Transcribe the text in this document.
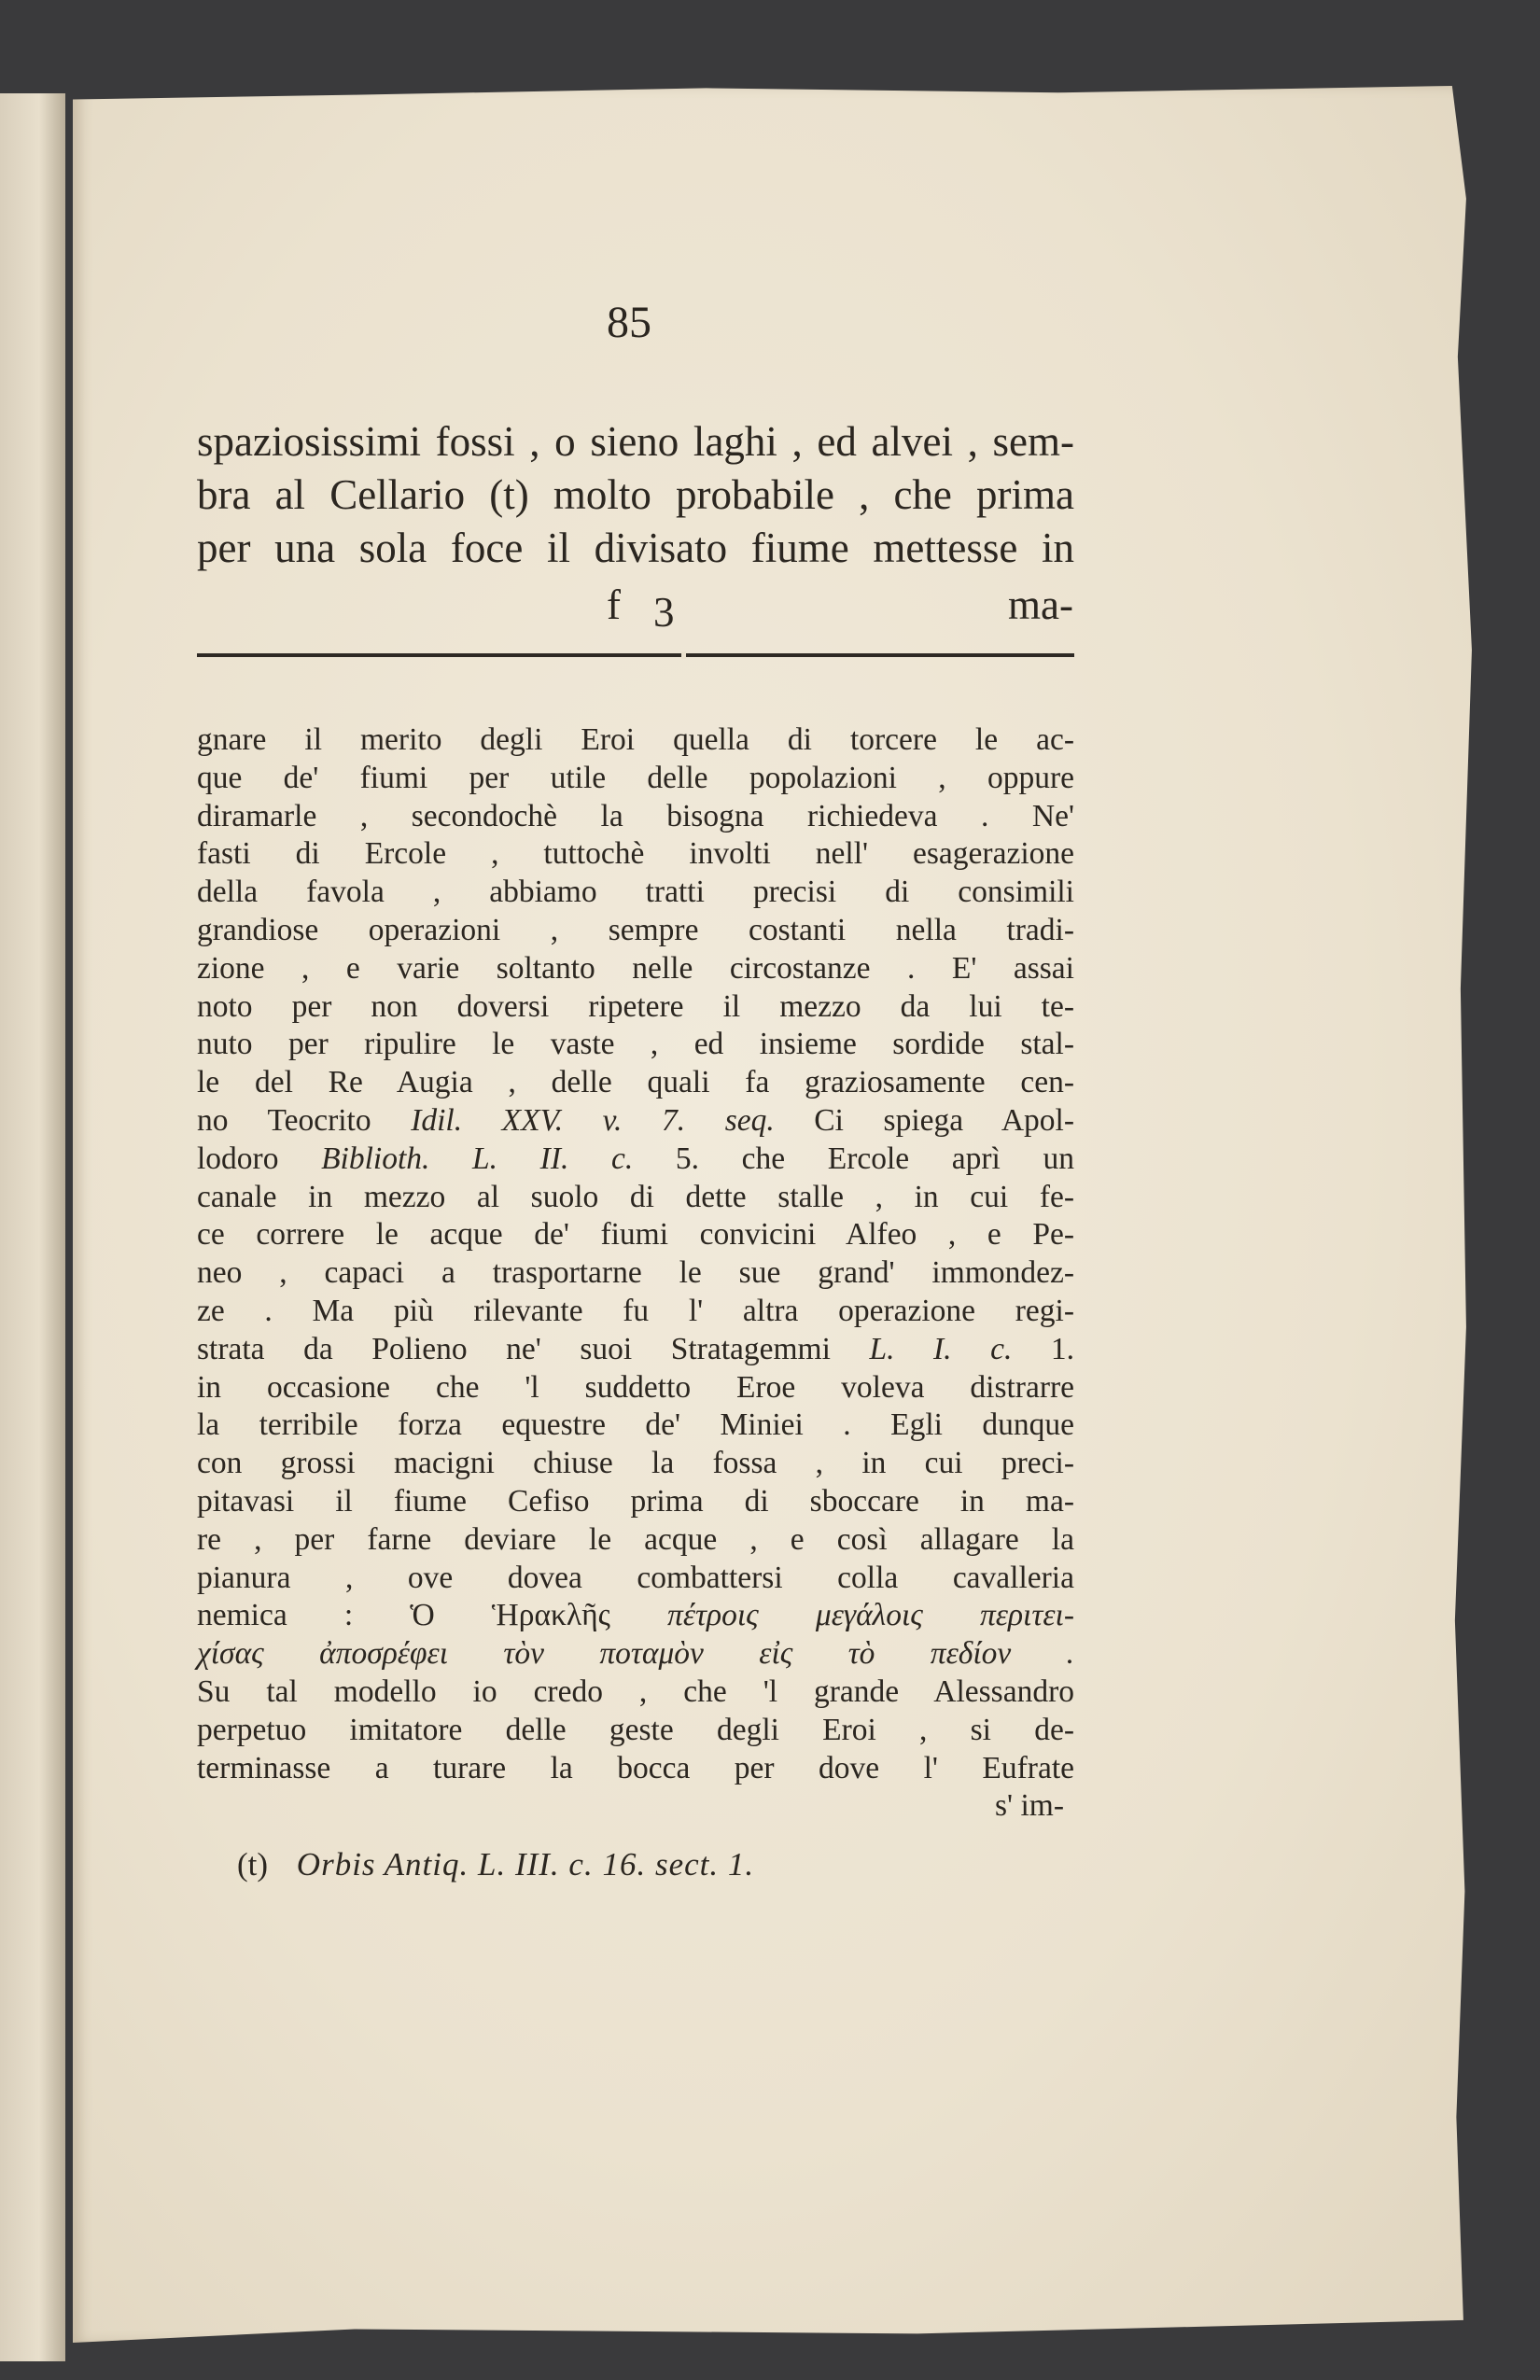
85
spaziosissimi fossi , o sieno laghi , ed alvei , sem-
bra al Cellario (t) molto probabile , che prima
per una sola foce il divisato fiume mettesse in
f 3	ma-
gnare il merito degli Eroi quella di torcere le ac-
que de' fiumi per utile delle popolazioni , oppure
diramarle , secondochè la bisogna richiedeva . Ne'
fasti di Ercole , tuttochè involti nell' esagerazione
della favola , abbiamo tratti precisi di consimili
grandiose operazioni , sempre costanti nella tradi-
zione , e varie soltanto nelle circostanze . E' assai
noto per non doversi ripetere il mezzo da lui te-
nuto per ripulire le vaste , ed insieme sordide stal-
le del Re Augia , delle quali fa graziosamente cen-
no Teocrito Idil. XXV. v. 7. seq. Ci spiega Apol-
lodoro Biblioth. L. II. c. 5. che Ercole aprì un
canale in mezzo al suolo di dette stalle , in cui fe-
ce correre le acque de' fiumi convicini Alfeo , e Pe-
neo , capaci a trasportarne le sue grand' immondez-
ze . Ma più rilevante fu l' altra operazione regi-
strata da Polieno ne' suoi Stratagemmi L. I. c. 1.
in occasione che 'l suddetto Eroe voleva distrarre
la terribile forza equestre de' Miniei . Egli dunque
con grossi macigni chiuse la fossa , in cui preci-
pitavasi il fiume Cefiso prima di sboccare in ma-
re , per farne deviare le acque , e così allagare la
pianura , ove dovea combattersi colla cavalleria
nemica : Ὁ Ἡρακλῆς πέτροις μεγάλοις περιτει-
χίσας ἀποσρέφει τὸν ποταμὸν εἰς τὸ πεδίον .
Su tal modello io credo , che 'l grande Alessandro
perpetuo imitatore delle geste degli Eroi , si de-
terminasse a turare la bocca per dove l' Eufrate
s' im-
(t) Orbis Antiq. L. III. c. 16. sect. 1.
